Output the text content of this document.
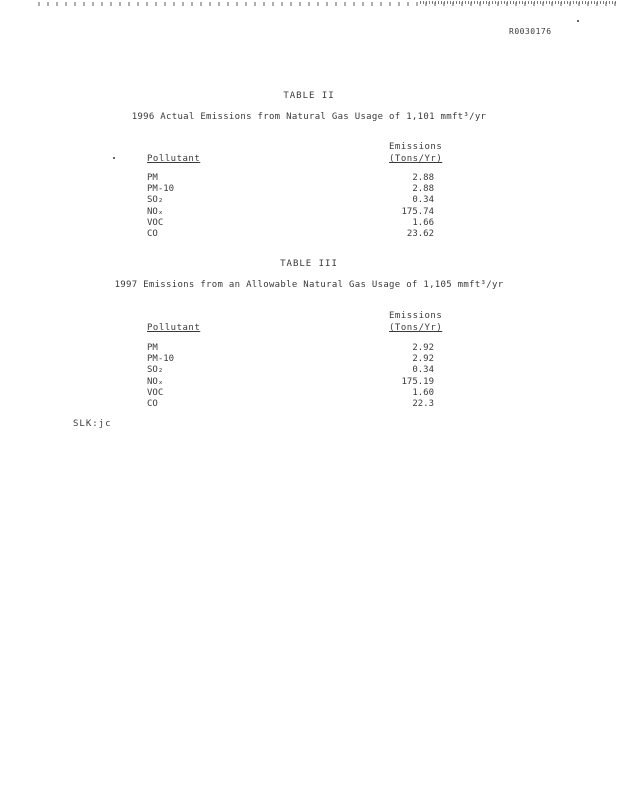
R0030176
TABLE II
1996 Actual Emissions from Natural Gas Usage of 1,101 mmft³/yr
Emissions
Pollutant	(Tons/Yr)
PM
PM-10
SO₂
NOₓ
VOC
CO
2.88
2.88
0.34
175.74
1.66
23.62
TABLE III
1997 Emissions from an Allowable Natural Gas Usage of 1,105 mmft³/yr
Emissions
Pollutant	(Tons/Yr)
PM
PM-10
SO₂
NOₓ
VOC
CO
2.92
2.92
0.34
175.19
1.60
22.3
SLK:jc
